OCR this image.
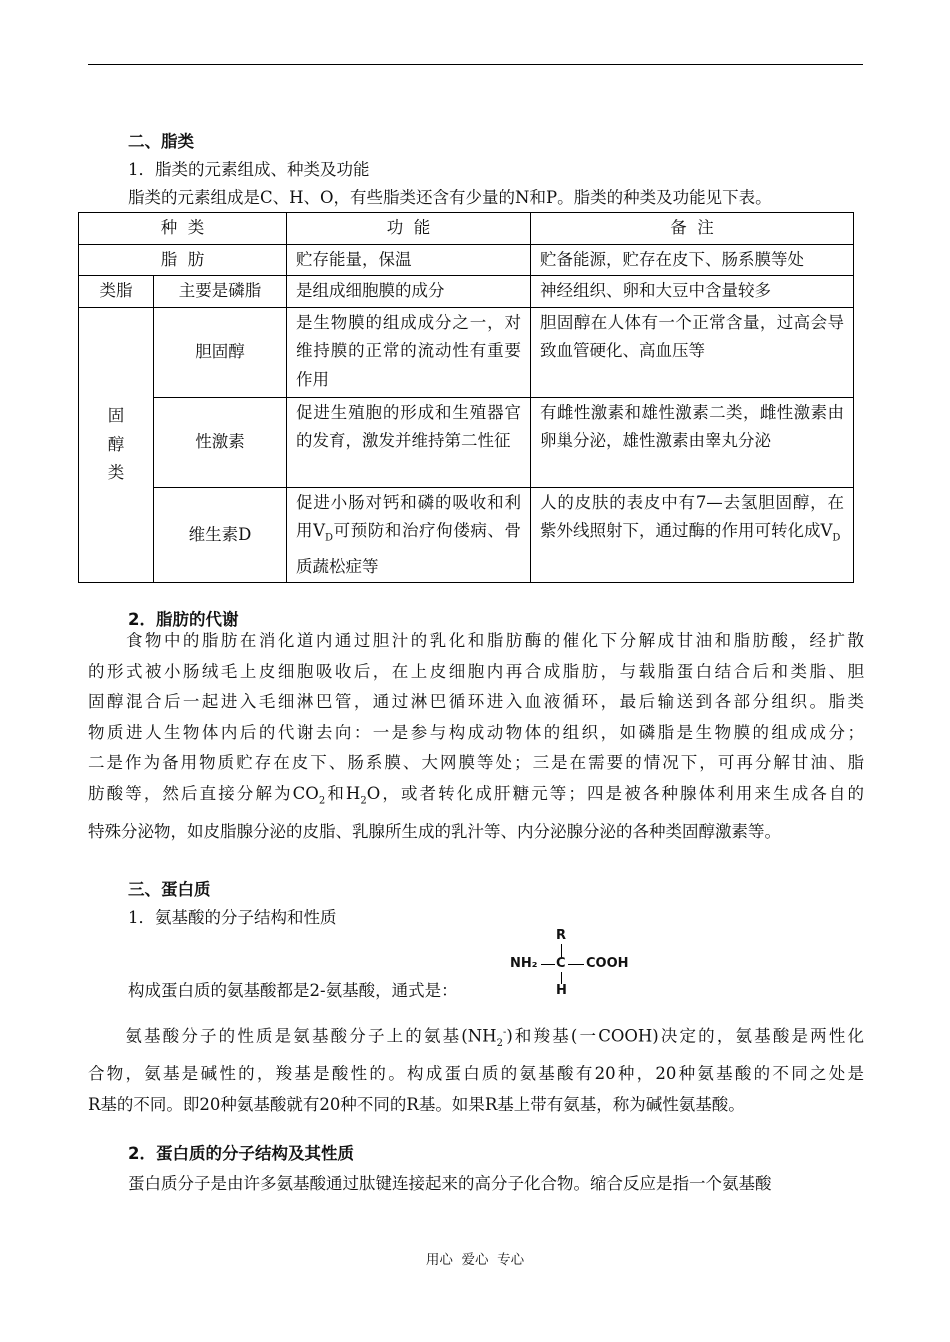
二、脂类
1．脂类的元素组成、种类及功能
脂类的元素组成是C、H、O，有些脂类还含有少量的N和P。脂类的种类及功能见下表。
种  类		功  能	备  注
脂  肪		贮存能量，保温	贮备能源，贮存在皮下、肠系膜等处
类脂	主要是磷脂	是组成细胞膜的成分	神经组织、卵和大豆中含量较多
固醇类	胆固醇	是生物膜的组成成分之一，对维持膜的正常的流动性有重要作用	胆固醇在人体有一个正常含量，过高会导致血管硬化、高血压等
	性激素	促进生殖胞的形成和生殖器官的发育，激发并维持第二性征	有雌性激素和雄性激素二类，雌性激素由卵巢分泌，雄性激素由睾丸分泌
	维生素D	促进小肠对钙和磷的吸收和利用$V_D$可预防和治疗佝偻病、骨质蔬松症等	人的皮肤的表皮中有7—去氢胆固醇，在紫外线照射下，通过酶的作用可转化成$V_D$
2．脂肪的代谢
　　食物中的脂肪在消化道内通过胆汁的乳化和脂肪酶的催化下分解成甘油和脂肪酸，经扩散
的形式被小肠绒毛上皮细胞吸收后，在上皮细胞内再合成脂肪，与载脂蛋白结合后和类脂、胆
固醇混合后一起进入毛细淋巴管，通过淋巴循环进入血液循环，最后输送到各部分组织。脂类
物质进人生物体内后的代谢去向：一是参与构成动物体的组织，如磷脂是生物膜的组成成分；
二是作为备用物质贮存在皮下、肠系膜、大网膜等处；三是在需要的情况下，可再分解甘油、脂
肪酸等，然后直接分解为$CO_2$和$H_2O$，或者转化成肝糖元等；四是被各种腺体利用来生成各自的
特殊分泌物，如皮脂腺分泌的皮脂、乳腺所生成的乳汁等、内分泌腺分泌的各种类固醇激素等。
三、蛋白质
1．氨基酸的分子结构和性质
构成蛋白质的氨基酸都是2-氨基酸，通式是：
R
NH₂ C COOH
H
　　氨基酸分子的性质是氨基酸分子上的氨基$(NH_2^-)$和羧基(一COOH)决定的，氨基酸是两性化
合物，氨基是碱性的，羧基是酸性的。构成蛋白质的氨基酸有20种，20种氨基酸的不同之处是
R基的不同。即20种氨基酸就有20种不同的R基。如果R基上带有氨基，称为碱性氨基酸。
2．蛋白质的分子结构及其性质
蛋白质分子是由许多氨基酸通过肽键连接起来的高分子化合物。缩合反应是指一个氨基酸
用心  爱心  专心
